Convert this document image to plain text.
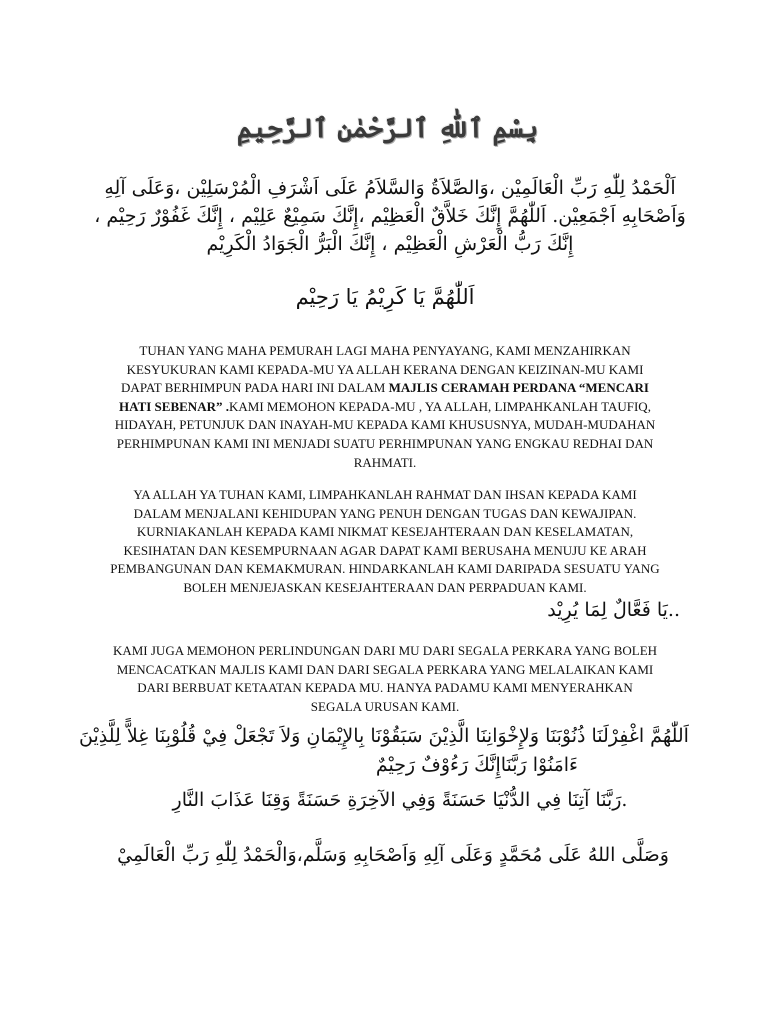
بِسْمِ ٱللّٰهِ ٱلرَّحْمٰنِ ٱلرَّحِيمِ
اَلْحَمْدُ لِلّٰهِ رَبِّ الْعَالَمِيْن ،وَالصَّلاَةُ وَالسَّلاَمُ عَلَى اَشْرَفِ الْمُرْسَلِيْن ،وَعَلَى آلِهِ
وَاَصْحَابِهِ اَجْمَعِيْن. اَللّٰهُمَّ إِنَّكَ خَلاَّقٌ الْعَظِيْم ،إِنَّكَ سَمِيْعٌ عَلِيْم ، إِنَّكَ غَفُوْرٌ رَحِيْم ،
إِنَّكَ رَبُّ الْعَرْشِ الْعَظِيْم ، إِنَّكَ الْبَرُّ الْجَوَادُ الْكَرِيْم
اَللّٰهُمَّ يَا كَرِيْمُ يَا رَحِيْم
TUHAN YANG MAHA PEMURAH LAGI MAHA PENYAYANG, KAMI MENZAHIRKAN
KESYUKURAN KAMI KEPADA-MU YA ALLAH KERANA DENGAN KEIZINAN-MU KAMI
DAPAT BERHIMPUN PADA HARI INI DALAM MAJLIS CERAMAH PERDANA “MENCARI
HATI SEBENAR” .KAMI MEMOHON KEPADA-MU , YA ALLAH, LIMPAHKANLAH TAUFIQ,
HIDAYAH, PETUNJUK DAN INAYAH-MU KEPADA KAMI KHUSUSNYA, MUDAH-MUDAHAN
PERHIMPUNAN KAMI INI MENJADI SUATU PERHIMPUNAN YANG ENGKAU REDHAI DAN
RAHMATI.
YA ALLAH YA TUHAN KAMI, LIMPAHKANLAH RAHMAT DAN IHSAN KEPADA KAMI
DALAM MENJALANI KEHIDUPAN YANG PENUH DENGAN TUGAS DAN KEWAJIPAN.
KURNIAKANLAH KEPADA KAMI NIKMAT KESEJAHTERAAN DAN KESELAMATAN,
KESIHATAN DAN KESEMPURNAAN AGAR DAPAT KAMI BERUSAHA MENUJU KE ARAH
PEMBANGUNAN DAN KEMAKMURAN. HINDARKANLAH KAMI DARIPADA SESUATU YANG
BOLEH MENJEJASKAN KESEJAHTERAAN DAN PERPADUAN KAMI.
..يَا فَعَّالٌ لِمَا يُرِيْد
KAMI JUGA MEMOHON PERLINDUNGAN DARI MU DARI SEGALA PERKARA YANG BOLEH
MENCACATKAN MAJLIS KAMI DAN DARI SEGALA PERKARA YANG MELALAIKAN KAMI
DARI BERBUAT KETAATAN KEPADA MU. HANYA PADAMU KAMI MENYERAHKAN
SEGALA URUSAN KAMI.
اَللّٰهُمَّ اغْفِرْلَنَا ذُنُوْبَنَا وَلإِخْوَانِنَا الَّذِيْنَ سَبَقُوْنَا بِالإِيْمَانِ وَلاَ تَجْعَلْ فِيْ قُلُوْبِنَا غِلاًّ لِلَّذِيْنَ
ءَامَنُوْا رَبَّنَاإِنَّكَ رَءُوْفٌ رَحِيْمٌ
.رَبَّنَا آتِنَا فِي الدُّنْيَا حَسَنَةً وَفِي الآخِرَةِ حَسَنَةً وَقِنَا عَذَابَ النَّارِ
وَصَلَّى اللهُ عَلَى مُحَمَّدٍ وَعَلَى آلِهِ وَاَصْحَابِهِ وَسَلَّم،وَالْحَمْدُ لِلّٰهِ رَبِّ الْعَالَمِيْ
